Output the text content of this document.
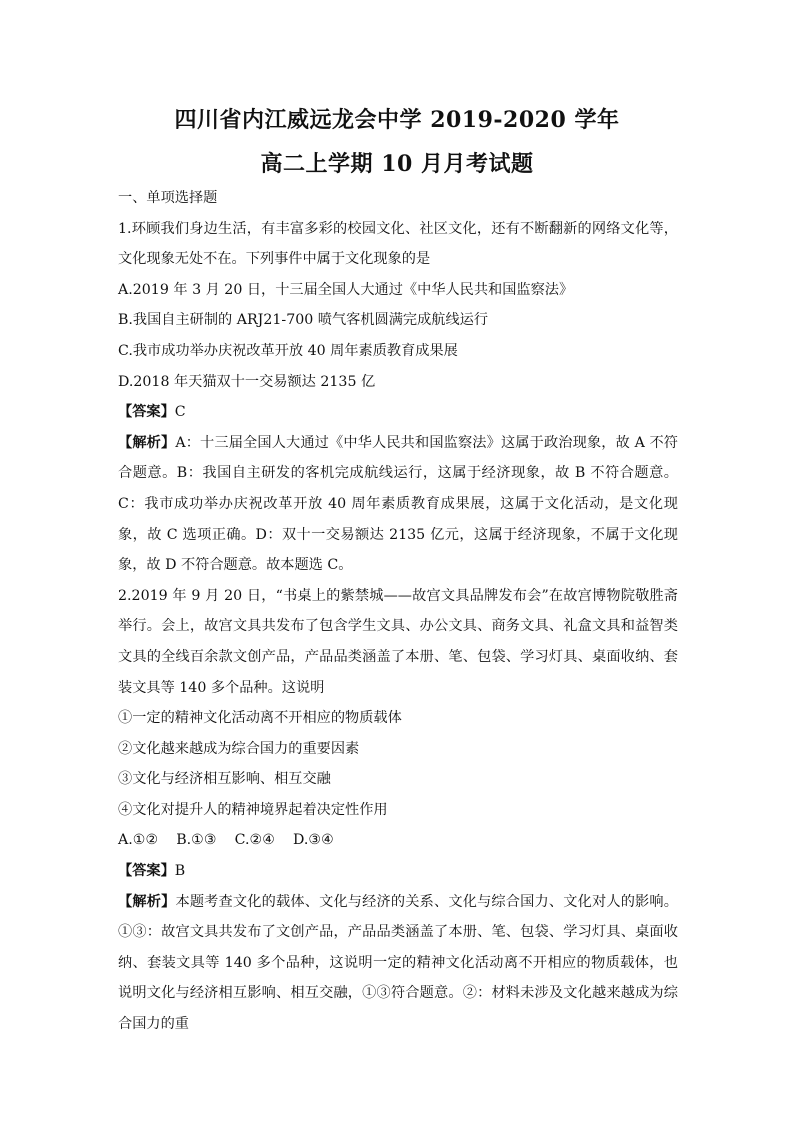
四川省内江威远龙会中学 2019-2020 学年
高二上学期 10 月月考试题

一、单项选择题

1.环顾我们身边生活，有丰富多彩的校园文化、社区文化，还有不断翻新的网络文化等，文化现象无处不在。下列事件中属于文化现象的是

A.2019 年 3 月 20 日，十三届全国人大通过《中华人民共和国监察法》

B.我国自主研制的 ARJ21-700 喷气客机圆满完成航线运行

C.我市成功举办庆祝改革开放 40 周年素质教育成果展

D.2018 年天猫双十一交易额达 2135 亿

【答案】C

【解析】A：十三届全国人大通过《中华人民共和国监察法》这属于政治现象，故 A 不符合题意。B：我国自主研发的客机完成航线运行，这属于经济现象，故 B 不符合题意。C：我市成功举办庆祝改革开放 40 周年素质教育成果展，这属于文化活动，是文化现象，故 C 选项正确。D：双十一交易额达 2135 亿元，这属于经济现象，不属于文化现象，故 D 不符合题意。故本题选 C。

2.2019 年 9 月 20 日，“书桌上的紫禁城——故宫文具品牌发布会”在故宫博物院敬胜斋举行。会上，故宫文具共发布了包含学生文具、办公文具、商务文具、礼盒文具和益智类文具的全线百余款文创产品，产品品类涵盖了本册、笔、包袋、学习灯具、桌面收纳、套装文具等 140 多个品种。这说明

①一定的精神文化活动离不开相应的物质载体

②文化越来越成为综合国力的重要因素

③文化与经济相互影响、相互交融

④文化对提升人的精神境界起着决定性作用

A.①②    B.①③    C.②④    D.③④

【答案】B

【解析】本题考查文化的载体、文化与经济的关系、文化与综合国力、文化对人的影响。①③：故宫文具共发布了文创产品，产品品类涵盖了本册、笔、包袋、学习灯具、桌面收纳、套装文具等 140 多个品种，这说明一定的精神文化活动离不开相应的物质载体，也说明文化与经济相互影响、相互交融，①③符合题意。②：材料未涉及文化越来越成为综合国力的重
